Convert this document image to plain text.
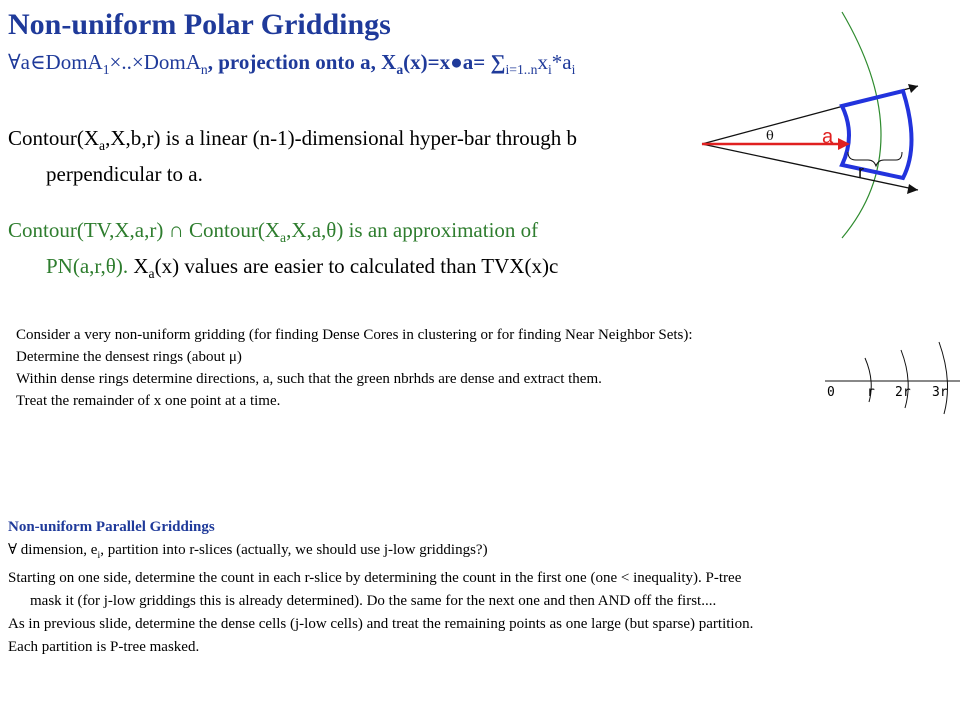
Non-uniform Polar Griddings
∀a∈DomA$_1$×..×DomA$_n$, projection onto a, $X_a(x)=x●a= \sum_{i=1..n}x_i*a_i$
$Contour(X_a,X,b,r)$ is a linear (n-1)-dimensional hyper-bar through b
perpendicular to a.
Contour(TV,X,a,r) ∩ $Contour(X_a,X,a,\theta)$ is an approximation of
PN(a,r,θ). $X_a(x)$ values are easier to calculated than TVX(x)c
Consider a very non-uniform gridding (for finding Dense Cores in clustering or for finding Near Neighbor Sets):
Determine the densest rings (about μ)
Within dense rings determine directions, a, such that the green nbrhds are dense and extract them.
Treat the remainder of x one point at a time.
Non-uniform Parallel Griddings
∀ dimension, $e_i$, partition into r-slices (actually, we should use j-low griddings?)
Starting on one side, determine the count in each r-slice by determining the count in the first one (one < inequality). P-tree
mask it (for j-low griddings this is already determined). Do the same for the next one and then AND off the first....
As in previous slide, determine the dense cells (j-low cells) and treat the remaining points as one large (but sparse) partition.
Each partition is P-tree masked.
θ a
r
0 r 2r 3r
